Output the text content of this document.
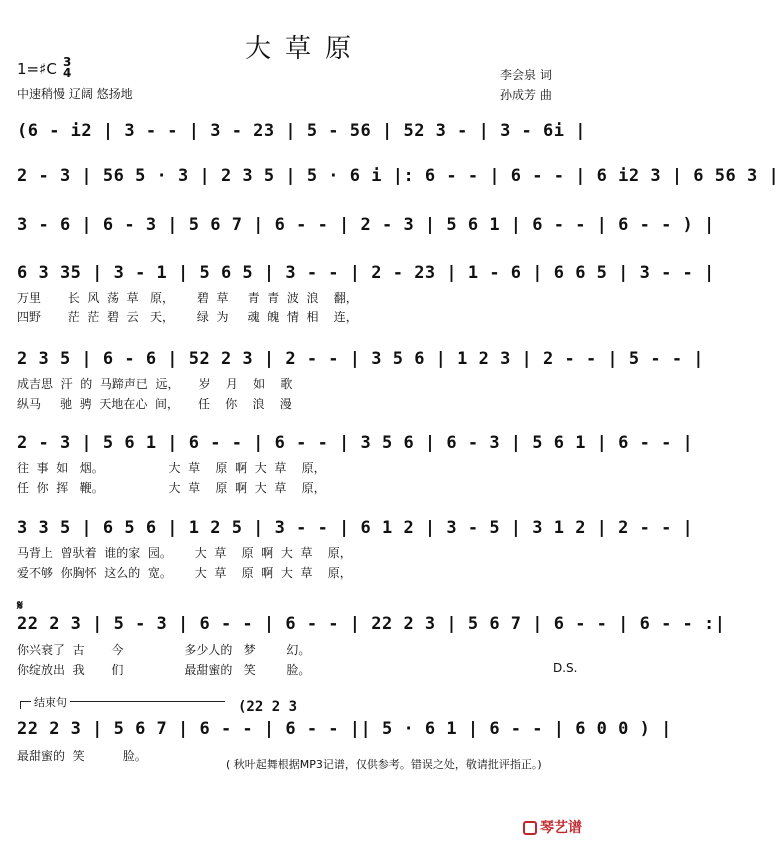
大草原
1=♯C 3
4
中速稍慢 辽阔 悠扬地
李会泉 词
孙成芳 曲
(6 - i2 | 3 - - | 3 - 23 | 5 - 56 | 52 3 - | 3 - 6i |
2 - 3 | 56 5 · 3 | 2 3 5 | 5 · 6 i |: 6 - - | 6 - - | 6 i2 3 | 6 56 3 |
3 - 6 | 6 - 3 | 5 6 7 | 6 - - | 2 - 3 | 5 6 1 | 6 - - | 6 - - ) |
6 3 35 | 3 - 1 | 5 6 5 | 3 - - | 2 - 23 | 1 - 6 | 6 6 5 | 3 - - |
万里       长  风  荡  草   原，      碧  草     青  青  波  浪    翻，
四野       茫  茫  碧  云   天，      绿  为     魂  魄  情  相    连，
2 3 5 | 6 - 6 | 52 2 3 | 2 - - | 3 5 6 | 1 2 3 | 2 - - | 5 - - |
成吉思  汗  的  马蹄声已  远，     岁    月    如    歌
纵马     驰  骋  天地在心  间，     任    你    浪    漫
2 - 3 | 5 6 1 | 6 - - | 6 - - | 3 5 6 | 6 - 3 | 5 6 1 | 6 - - |
往  事  如   烟。                 大  草    原  啊  大  草    原，
任  你  挥   鞭。                 大  草    原  啊  大  草    原，
3 3 5 | 6 5 6 | 1 2 5 | 3 - - | 6 1 2 | 3 - 5 | 3 1 2 | 2 - - |
马背上  曾驮着  谁的家  园。      大  草    原  啊  大  草    原，
爱不够  你胸怀  这么的  宽。      大  草    原  啊  大  草    原，
𝄋
22 2 3 | 5 - 3 | 6 - - | 6 - - | 22 2 3 | 5 6 7 | 6 - - | 6 - - :|
你兴衰了  古       今                多少人的   梦        幻。
你绽放出  我       们                最甜蜜的   笑        脸。	D.S.
结束句	(22 2 3
22 2 3 | 5 6 7 | 6 - - | 6 - - || 5 · 6 1 | 6 - - | 6 0 0 ) |
最甜蜜的  笑          脸。
( 秋叶起舞根据MP3记谱，仅供参考。错误之处，敬请批评指正。)
琴艺谱
